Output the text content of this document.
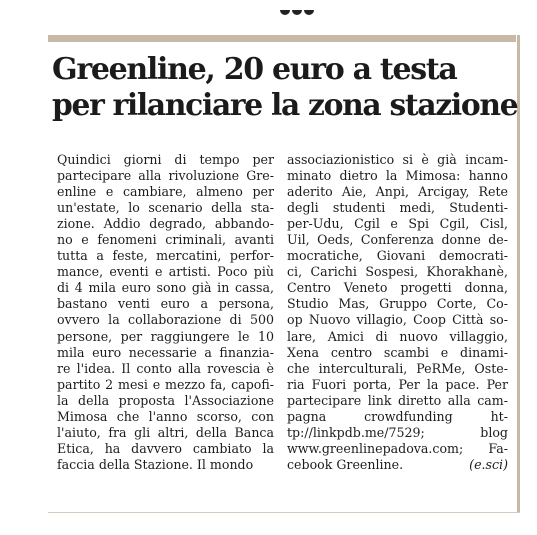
Greenline, 20 euro a testa
per rilanciare la zona stazione
Quindici giorni di tempo per
partecipare alla rivoluzione Gre-
enline e cambiare, almeno per
un'estate, lo scenario della sta-
zione. Addio degrado, abbando-
no e fenomeni criminali, avanti
tutta a feste, mercatini, perfor-
mance, eventi e artisti. Poco più
di 4 mila euro sono già in cassa,
bastano venti euro a persona,
ovvero la collaborazione di 500
persone, per raggiungere le 10
mila euro necessarie a finanzia-
re l'idea. Il conto alla rovescia è
partito 2 mesi e mezzo fa, capofi-
la della proposta l'Associazione
Mimosa che l'anno scorso, con
l'aiuto, fra gli altri, della Banca
Etica, ha davvero cambiato la
faccia della Stazione. Il mondo
associazionistico si è già incam-
minato dietro la Mimosa: hanno
aderito Aie, Anpi, Arcigay, Rete
degli studenti medi, Studenti-
per-Udu, Cgil e Spi Cgil, Cisl,
Uil, Oeds, Conferenza donne de-
mocratiche, Giovani democrati-
ci, Carichi Sospesi, Khorakhanè,
Centro Veneto progetti donna,
Studio Mas, Gruppo Corte, Co-
op Nuovo villagio, Coop Città so-
lare, Amici di nuovo villaggio,
Xena centro scambi e dinami-
che interculturali, PeRMe, Oste-
ria Fuori porta, Per la pace. Per
partecipare link diretto alla cam-
pagna crowdfunding ht-
tp://linkpdb.me/7529; blog
www.greenlinepadova.com; Fa-
cebook Greenline.	(e.sci)
